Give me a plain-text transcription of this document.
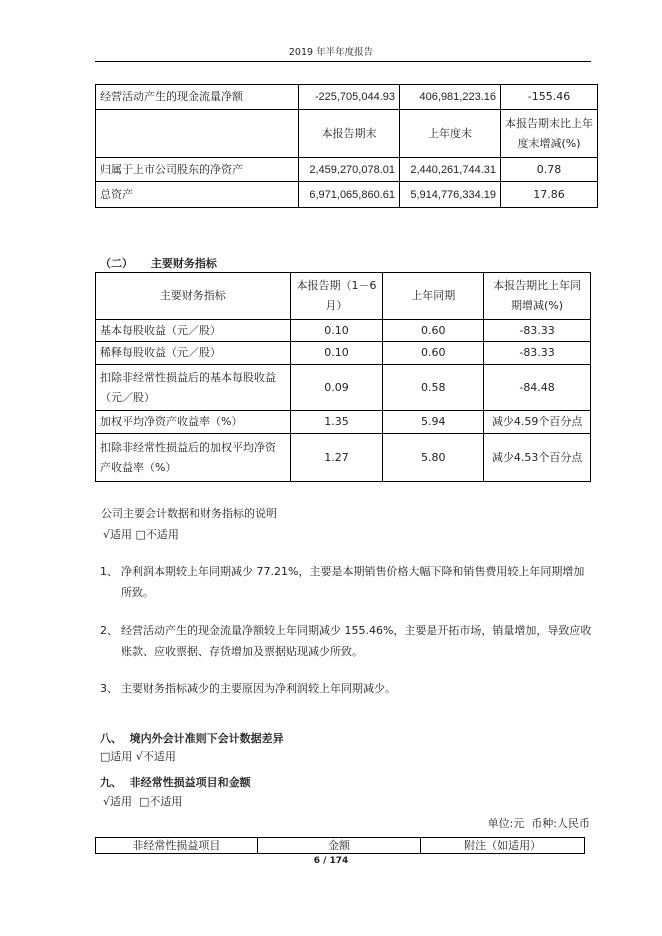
2019 年半年度报告
经营活动产生的现金流量净额	-225,705,044.93	406,981,223.16	-155.46
	本报告期末	上年度末	本报告期末比上年度末增减(%)
归属于上市公司股东的净资产	2,459,270,078.01	2,440,261,744.31	0.78
总资产	6,971,065,860.61	5,914,776,334.19	17.86
（二） 主要财务指标
主要财务指标	本报告期（1－6月）	上年同期	本报告期比上年同期增减(%)
基本每股收益（元／股）	0.10	0.60	-83.33
稀释每股收益（元／股）	0.10	0.60	-83.33
扣除非经常性损益后的基本每股收益（元／股）	0.09	0.58	-84.48
加权平均净资产收益率（%）	1.35	5.94	减少4.59个百分点
扣除非经常性损益后的加权平均净资产收益率（%）	1.27	5.80	减少4.53个百分点
公司主要会计数据和财务指标的说明
√适用 □不适用
1、 净利润本期较上年同期减少 77.21%，主要是本期销售价格大幅下降和销售费用较上年同期增加所致。
2、 经营活动产生的现金流量净额较上年同期减少 155.46%，主要是开拓市场，销量增加，导致应收账款、应收票据、存货增加及票据贴现减少所致。
3、 主要财务指标减少的主要原因为净利润较上年同期减少。
八、  境内外会计准则下会计数据差异
□适用 √不适用
九、  非经常性损益项目和金额
√适用  □不适用
单位:元  币种:人民币
非经常性损益项目	金额	附注（如适用）
6 / 174
